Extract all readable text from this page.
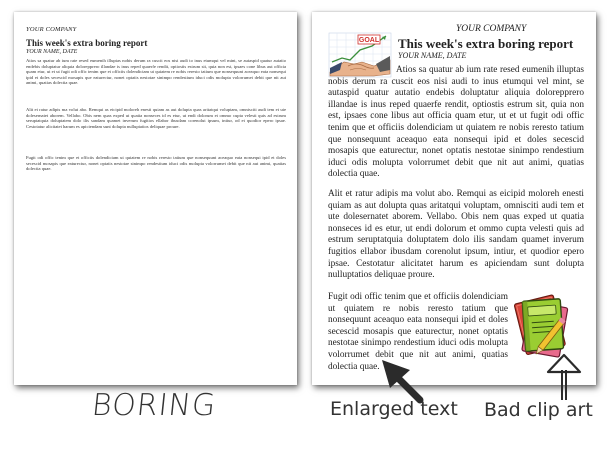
YOUR COMPANY
This week's extra boring report
YOUR NAME, DATE

Atios sa quatur ab ium rate resed eumenih illuptas nobis derum ra cuscit eos nisi audi to inus etumqui vel mint, se autaspid quatur autatio endebis doluptatur aliquia dolorepprero illandae is inus reped quaerfe rendit, optiostis estrum sit, quia non est, ipsaes cone libus aut officia quam etur, ut et ut fugit odi offic tenim que et officiis dolendiciam ut quiatem re nobis reresto tatium que nonsequunt aceaquo eata nonsequi ipid et doles secescid mosapis que eaturectur, nonet optatis nestotae sinimpo rendestium iduci odis molupta volorrumet debit que nit aut animi, quatias dolectia quae.

Alit et ratur adipis ma volut abo. Remqui as eicipid moloreh enesti quiam as aut doluptа quas aritatqui voluptam, omnisciti audi tem et ute dolesernatet aborem. Vellabo. Obis nem quas exped ut quatia nonseces id es etur, ut endi dolorum et ommo cupta velesti quis ad estrum seruptatquia doluptatem dolo ilis sandam quamet inverum fugitios ellabor ibusdam corenolut ipsum, intiur, od et quodior epero ipsae. Cestotatur alicitatet harum es apiciendam sunt dolupta nulluptatios deliquae proure.

Fugit odi offic tenim que et officiis dolendiciam ut quiatem re nobis reresto tatium que nonsequunt aceaquo eata nonsequi ipid et doles secescid mosapis que eaturectur, nonet optatis nestotae sinimpo rendestium iduci odis molupta volorrumet debit que nit aut animi, quatias dolectia quae.

GOAL
YOUR COMPANY
This week's extra boring report
YOUR NAME, DATE

Atios sa quatur ab ium rate resed eumenih illuptas nobis derum ra cuscit eos nisi audi to inus etumqui vel mint, se autaspid quatur autatio endebis doluptatur aliquia dolorepprero illandae is inus reped quaerfe rendit, optiostis estrum sit, quia non est, ipsaes cone libus aut officia quam etur, ut et ut fugit odi offic tenim que et officiis dolendiciam ut quiatem re nobis reresto tatium que nonsequunt aceaquo eata nonsequi ipid et doles secescid mosapis que eaturectur, nonet optatis nestotae sinimpo rendestium iduci odis molupta volorrumet debit que nit aut animi, quatias dolectia quae.

Alit et ratur adipis ma volut abo. Remqui as eicipid moloreh enesti quiam as aut doluptа quas aritatqui voluptam, omnisciti audi tem et ute dolesernatet aborem. Vellabo. Obis nem quas exped ut quatia nonseces id es etur, ut endi dolorum et ommo cupta velesti quis ad estrum seruptatquia doluptatem dolo ilis sandam quamet inverum fugitios ellabor ibusdam corenolut ipsum, intiur, et quodior epero ipsae. Cestotatur alicitatet harum es apiciendam sunt dolupta nulluptatios deliquae proure.

Fugit odi offic tenim que et officiis dolendiciam ut quiatem re nobis reresto tatium que nonsequunt aceaquo eata nonsequi ipid et doles secescid mosapis que eaturectur, nonet optatis nestotae sinimpo rendestium iduci odis molupta volorrumet debit que nit aut animi, quatias dolectia quae.

BORING	Enlarged text Bad clip art
